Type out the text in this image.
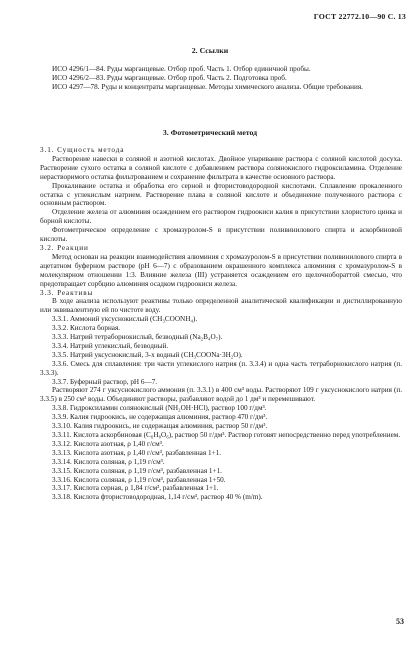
ГОСТ 22772.10—90 С. 13
2. Ссылки

ИСО 4296/1—84. Руды марганцевые. Отбор проб. Часть 1. Отбор единичной пробы.

ИСО 4296/2—83. Руды марганцевые. Отбор проб. Часть 2. Подготовка проб.

ИСО 4297—78. Руды и концентраты марганцевые. Методы химического анализа. Общие требования.

3. Фотометрический метод

3.1. Сущность метода

Растворение навески в соляной и азотной кислотах. Двойное упаривание раствора с соляной кислотой досуха. Растворение сухого остатка в соляной кислоте с добавлением раствора солянокислого гидроксиламина. Отделение нерастворимого остатка фильтрованием и сохранение фильтрата в качестве основного раствора.

Прокаливание остатка и обработка его серной и фтористоводородной кислотами. Сплавление прокаленного остатка с углекислым натрием. Растворение плава в соляной кислоте и объединение полученного раствора с основным раствором.

Отделение железа от алюминия осаждением его раствором гидроокиси калия в присутствии хлористого цинка и борной кислоты.

Фотометрическое определение с хромазуролом-S в присутствии поливинилового спирта и аскорбиновой кислоты.

3.2. Реакции

Метод основан на реакции взаимодействия алюминия с хромазуролом-S в присутствии поливинилового спирта в ацетатном буферном растворе (pH 6—7) с образованием окрашенного комплекса алюминия с хромазуролом-S в молекулярном отношении 1:3. Влияние железа (III) устраняется осаждением его щелочнобораттой смесью, что предотвращает сорбцию алюминия осадком гидроокиси железа.

3.3. Реактивы

В ходе анализа используют реактивы только определенной аналитической квалификации и дистиллированную или эквивалентную ей по чистоте воду.

3.3.1. Аммоний уксуснокислый (CH₃COONH₄).

3.3.2. Кислота борная.

3.3.3. Натрий тетраборнокислый, безводный (Na₂B₄O₇).

3.3.4. Натрий углекислый, безводный.

3.3.5. Натрий уксуснокислый, 3-х водный (CH₃COONa·3H₂O).

3.3.6. Смесь для сплавления: три части углекислого натрия (п. 3.3.4) и одна часть тетраборнокислого натрия (п. 3.3.3).

3.3.7. Буферный раствор, pH 6—7.

Растворяют 274 г уксуснокислого аммония (п. 3.3.1) в 400 см³ воды. Растворяют 109 г уксуснокислого натрия (п. 3.3.5) в 250 см³ воды. Объединяют растворы, разбавляют водой до 1 дм³ и перемешивают.

3.3.8. Гидроксиламин солянокислый (NH₂OH·HCl), раствор 100 г/дм³.

3.3.9. Калия гидроокись, не содержащая алюминия, раствор 470 г/дм³.

3.3.10. Калия гидроокись, не содержащая алюминия, раствор 50 г/дм³.

3.3.11. Кислота аскорбиновая (C₆H₈O₆), раствор 50 г/дм³. Раствор готовят непосредственно перед употреблением.

3.3.12. Кислота азотная, ρ 1,40 г/см³.

3.3.13. Кислота азотная, ρ 1,40 г/см³, разбавленная 1+1.

3.3.14. Кислота соляная, ρ 1,19 г/см³.

3.3.15. Кислота соляная, ρ 1,19 г/см³, разбавленная 1+1.

3.3.16. Кислота соляная, ρ 1,19 г/см³, разбавленная 1+50.

3.3.17. Кислота серная, ρ 1,84 г/см³, разбавленная 1+1.

3.3.18. Кислота фтористоводородная, 1,14 г/см³, раствор 40 % (m/m).

53
